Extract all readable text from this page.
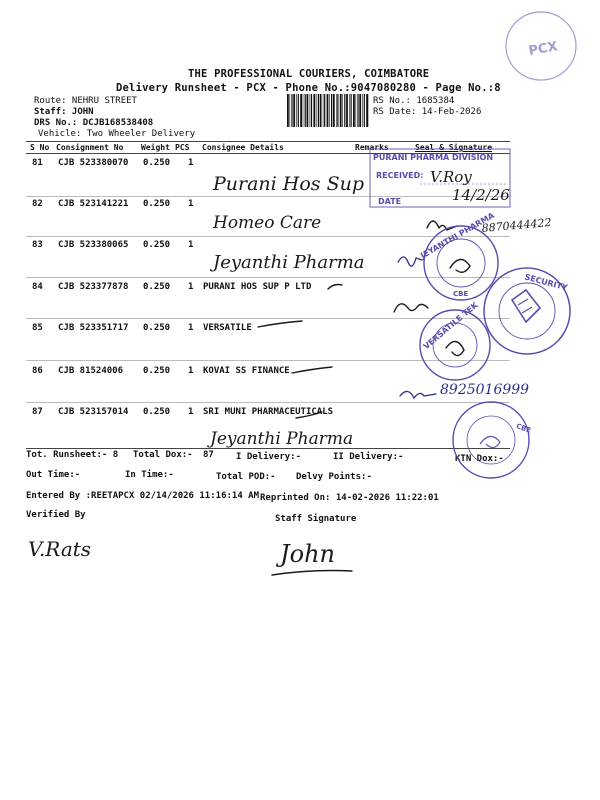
THE PROFESSIONAL COURIERS, COIMBATORE
Delivery Runsheet - PCX - Phone No.:9047080280 - Page No.:8
Route: NEHRU STREET
Staff: JOHN
DRS No.: DCJB168538408
Vehicle: Two Wheeler Delivery
RS No.: 1685384
RS Date: 14-Feb-2026
S No Consignment No Weight PCS Consignee Details	Remarks	Seal & Signature
81 CJB 523380070 0.250 1
82 CJB 523141221 0.250 1
83 CJB 523380065 0.250 1
84 CJB 523377878 0.250 1 PURANI HOS SUP P LTD
85 CJB 523351717 0.250 1 VERSATILE
86 CJB 81524006 0.250 1 KOVAI SS FINANCE
87 CJB 523157014 0.250 1 SRI MUNI PHARMACEUTICALS
Tot. Runsheet:- 8 Total Dox:- 87 I Delivery:-	II Delivery:-	KTN Dox:-
Out Time:-	In Time:-	Total POD:- Delvy Points:-
Entered By :REETAPCX 02/14/2026 11:16:14 AM Reprinted On: 14-02-2026 11:22:01
Verified By	Staff Signature
PCX
PURANI PHARMA DIVISION
RECEIVED: V.Roy
DATE	14/2/26
Purani Hos Sup
Homeo Care
Jeyanthi Pharma
Jeyanthi Pharma
8870444422
8925016999
JEYANTHI PHARMA
CBE
SECURITY
VERSATILE TEK
CBE
V.Rats	John
